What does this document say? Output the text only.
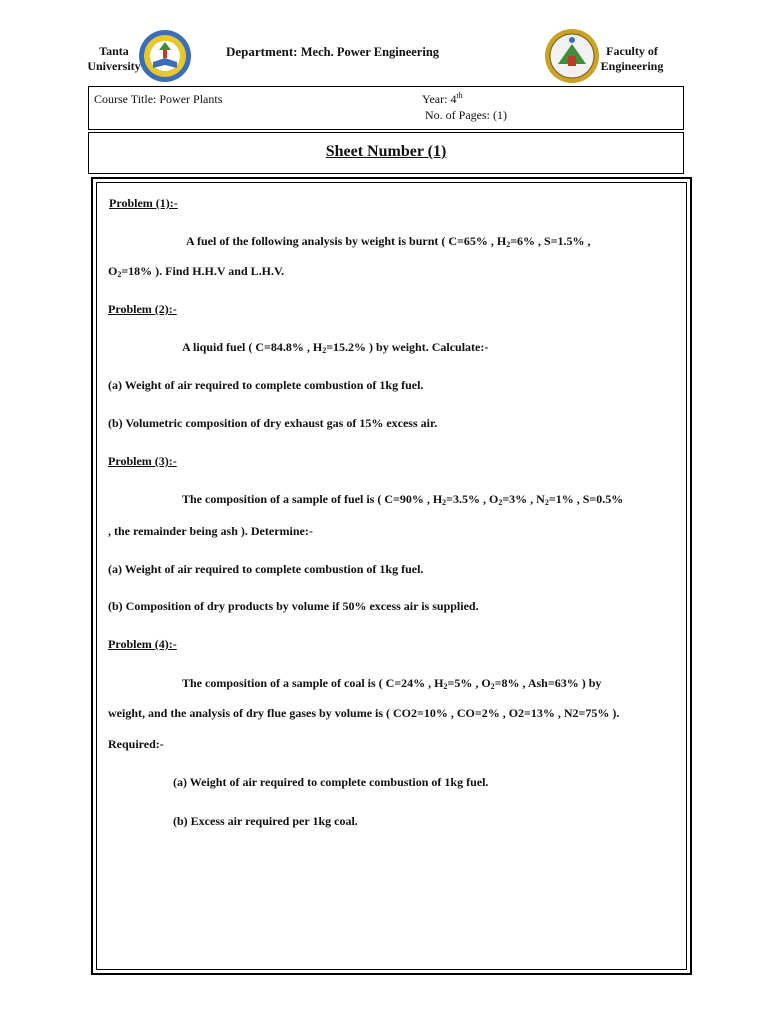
Tanta
University
Department: Mech. Power Engineering	Faculty of
Engineering
Course Title: Power Plants	Year: 4th
No. of Pages: (1)
Sheet Number (1)
Problem (1):-
A fuel of the following analysis by weight is burnt ( C=65% , $H_2=6\%$ , S=1.5% ,
$O_2=18\%$ ). Find H.H.V and L.H.V.
Problem (2):-
A liquid fuel ( C=84.8% , $H_2=15.2\%$ ) by weight. Calculate:-
(a) Weight of air required to complete combustion of 1kg fuel.
(b) Volumetric composition of dry exhaust gas of 15% excess air.
Problem (3):-
The composition of a sample of fuel is ( C=90% , $H_2=3.5\%$ , $O_2=3\%$ , $N_2=1\%$ , S=0.5%
, the remainder being ash ). Determine:-
(a) Weight of air required to complete combustion of 1kg fuel.
(b) Composition of dry products by volume if 50% excess air is supplied.
Problem (4):-
The composition of a sample of coal is ( C=24% , $H_2=5\%$ , $O_2=8\%$ , Ash=63% ) by
weight, and the analysis of dry flue gases by volume is ( CO2=10% , CO=2% , O2=13% , N2=75% ).
Required:-
(a) Weight of air required to complete combustion of 1kg fuel.
(b) Excess air required per 1kg coal.
